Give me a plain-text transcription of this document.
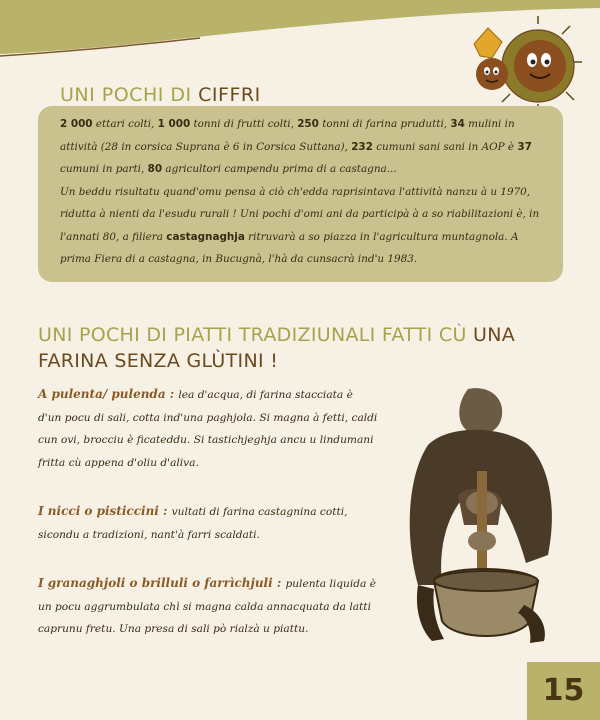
UNI POCHI DI CIFFRI
2 000 ettari colti, 1 000 tonni di frutti colti, 250 tonni di farina prudutti, 34 mulini in attività (28 in corsica Suprana è 6 in Corsica Suttana), 232 cumuni sani sani in AOP è 37 cumuni in parti, 80 agricultori campendu prima di a castagna...
Un beddu risultatu quand'omu pensa à ciò ch'edda raprisintava l'attività nanzu à u 1970, ridutta à nienti da l'esudu rurali ! Uni pochi d'omi ani da participà à a so riabilitazioni è, in l'annati 80, a filiera castagnaghja ritruvarà a so piazza in l'agricultura muntagnola. A prima Fiera di a castagna, in Bucugnà, l'hà da cunsacrà ind'u 1983.
UNI POCHI DI PIATTI TRADIZIUNALI FATTI CÙ UNA FARINA SENZA GLÙTINI !

A pulenta/ pulenda : lea d'acqua, di farina stacciata è d'un pocu di sali, cotta ind'una paghjola. Si magna à fetti, caldi cun ovi, brocciu è ficateddu. Si tastichjeghja ancu u lindumani fritta cù appena d'oliu d'aliva.

I nicci o pisticcini : vultati di farina castagnina cotti, sicondu a tradizioni, nant'à farri scaldati.

I granaghjoli o brilluli o farrìchjuli : pulenta liquida è un pocu aggrumbulata chì si magna calda annacquata da latti caprunu fretu. Una presa di sali pò rialzà u piattu.

15
